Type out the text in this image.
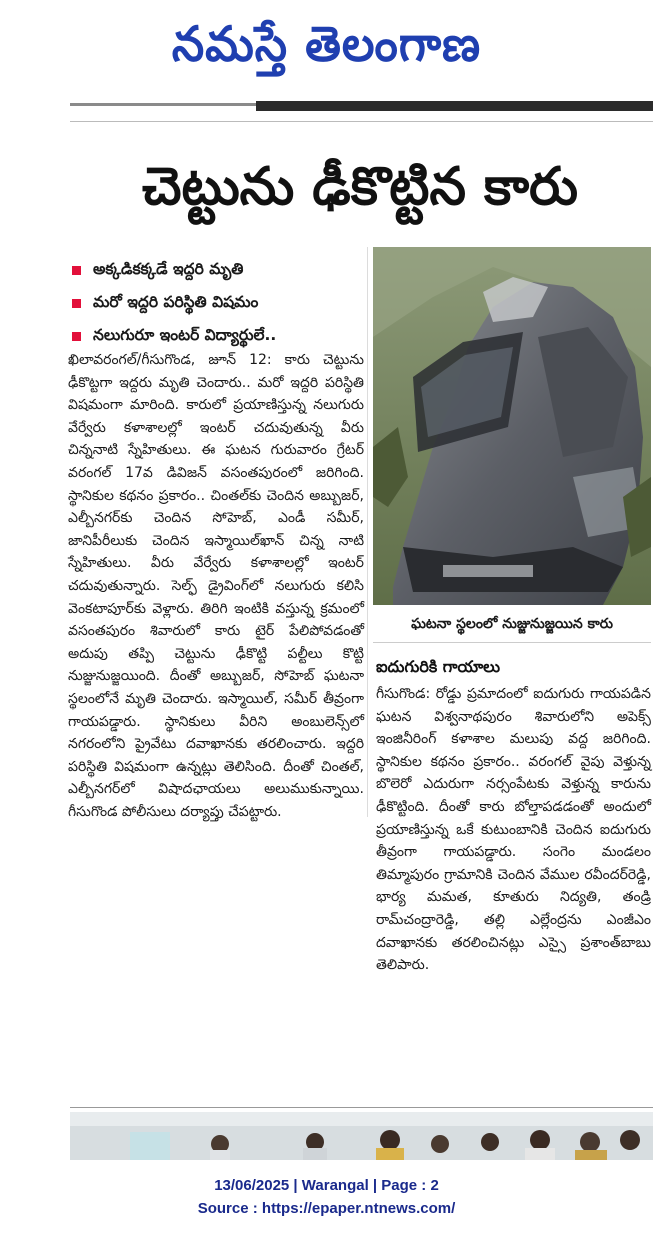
నమస్తే తెలంగాణ
చెట్టును ఢీకొట్టిన కారు
అక్కడికక్కడే ఇద్దరి మృతి
మరో ఇద్దరి పరిస్థితి విషమం
నలుగురూ ఇంటర్ విద్యార్థులే..

ఖిలావరంగల్/గీసుగొండ, జూన్ 12: కారు చెట్టును ఢీకొట్టగా ఇద్దరు మృతి చెందారు.. మరో ఇద్దరి పరిస్థితి విషమంగా మారింది. కారులో ప్రయాణిస్తున్న నలుగురు వేర్వేరు కళాశాలల్లో ఇంటర్ చదువుతున్న వీరు చిన్ననాటి స్నేహితులు. ఈ ఘటన గురువారం గ్రేటర్ వరంగల్ 17వ డివిజన్ వసంతపురంలో జరిగింది. స్థానికుల కథనం ప్రకారం.. చింతల్‌కు చెందిన అబ్బుజర్, ఎల్బీనగర్‌కు చెందిన సోహెబ్, ఎండీ సమీర్, జానిపీరీలుకు చెందిన ఇస్మాయిల్‌ఖాన్ చిన్న నాటి స్నేహితులు. వీరు వేర్వేరు కళాశాలల్లో ఇంటర్ చదువుతున్నారు. సెల్ఫ్ డ్రైవింగ్‌లో నలుగురు కలిసి వెంకటాపూర్‌కు వెళ్లారు. తిరిగి ఇంటికి వస్తున్న క్రమంలో వసంతపురం శివారులో కారు టైర్ పేలిపోవడంతో అదుపు తప్పి చెట్టును ఢీకొట్టి పల్టీలు కొట్టి నుజ్జునుజ్జయింది. దీంతో అబ్బుజర్, సోహెబ్ ఘటనా స్థలంలోనే మృతి చెందారు. ఇస్మాయిల్, సమీర్ తీవ్రంగా గాయపడ్డారు. స్థానికులు వీరిని అంబులెన్స్‌లో నగరంలోని ప్రైవేటు దవాఖానకు తరలించారు. ఇద్దరి పరిస్థితి విషమంగా ఉన్నట్లు తెలిసింది. దీంతో చింతల్, ఎల్బీనగర్‌లో విషాదఛాయలు అలుముకున్నాయి. గీసుగొండ పోలీసులు దర్యాప్తు చేపట్టారు.

ఘటనా స్థలంలో నుజ్జునుజ్జయిన కారు
ఐదుగురికి గాయాలు

గీసుగొండ: రోడ్డు ప్రమాదంలో ఐదుగురు గాయపడిన ఘటన విశ్వనాథపురం శివారులోని అపెక్స్ ఇంజినీరింగ్ కళాశాల మలుపు వద్ద జరిగింది. స్థానికుల కథనం ప్రకారం.. వరంగల్ వైపు వెళ్తున్న బొలెరో ఎదురుగా నర్సంపేటకు వెళ్తున్న కారును ఢీకొట్టింది. దీంతో కారు బోల్తాపడడంతో అందులో ప్రయాణిస్తున్న ఒకే కుటుంబానికి చెందిన ఐదుగురు తీవ్రంగా గాయపడ్డారు. సంగెం మండలం తిమ్మాపురం గ్రామానికి చెందిన వేముల రవీందర్‌రెడ్డి, భార్య మమత, కూతురు నిద్యతి, తండ్రి రామ్‌చంద్రారెడ్డి, తల్లి ఎల్లేంద్రను ఎంజీఎం దవాఖానకు తరలించినట్లు ఎస్సై ప్రశాంత్‌బాబు తెలిపారు.

13/06/2025 | Warangal | Page : 2
Source : https://epaper.ntnews.com/
